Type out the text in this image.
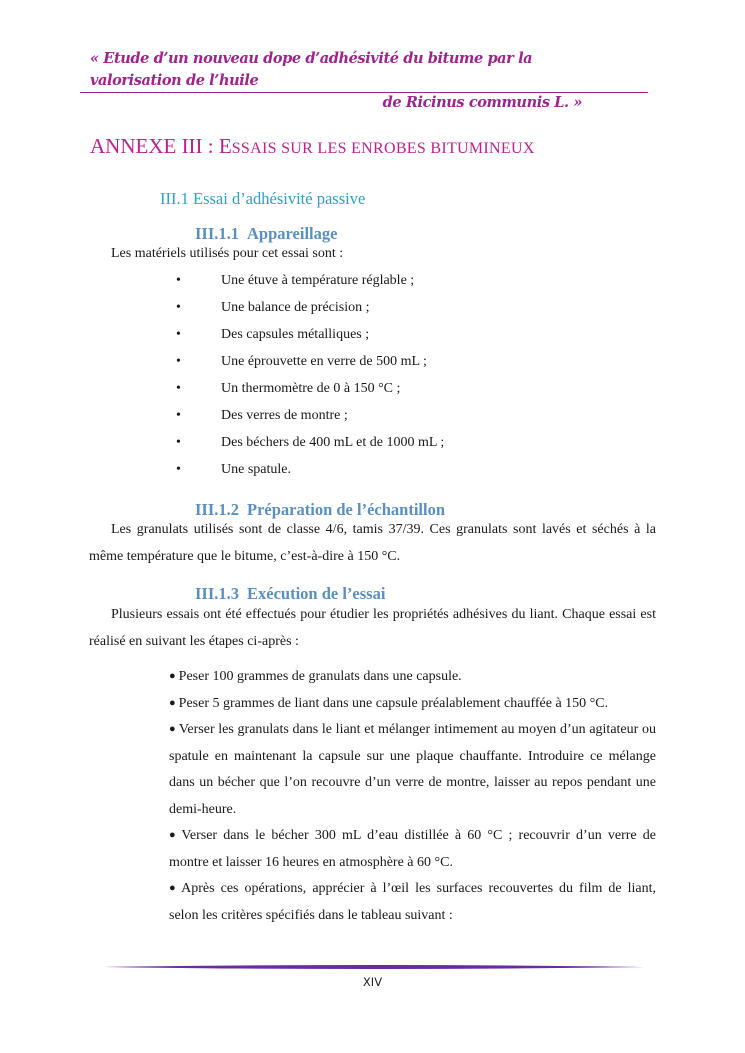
« Etude d’un nouveau dope d’adhésivité du bitume par la valorisation de l’huile
de Ricinus communis L. »
ANNEXE III : ESSAIS SUR LES ENROBES BITUMINEUX
III.1 Essai d’adhésivité passive
III.1.1 Appareillage
Les matériels utilisés pour cet essai sont :
•	Une étuve à température réglable ;
•	Une balance de précision ;
•	Des capsules métalliques ;
•	Une éprouvette en verre de 500 mL ;
•	Un thermomètre de 0 à 150 °C ;
•	Des verres de montre ;
•	Des béchers de 400 mL et de 1000 mL ;
•	Une spatule.
III.1.2 Préparation de l’échantillon
Les granulats utilisés sont de classe 4/6, tamis 37/39. Ces granulats sont lavés et séchés à la même température que le bitume, c’est-à-dire à 150 °C.
III.1.3 Exécution de l’essai
Plusieurs essais ont été effectués pour étudier les propriétés adhésives du liant. Chaque essai est réalisé en suivant les étapes ci-après :
● Peser 100 grammes de granulats dans une capsule.
● Peser 5 grammes de liant dans une capsule préalablement chauffée à 150 °C.
● Verser les granulats dans le liant et mélanger intimement au moyen d’un agitateur ou spatule en maintenant la capsule sur une plaque chauffante. Introduire ce mélange dans un bécher que l’on recouvre d’un verre de montre, laisser au repos pendant une demi-heure.
● Verser dans le bécher 300 mL d’eau distillée à 60 °C ; recouvrir d’un verre de montre et laisser 16 heures en atmosphère à 60 °C.
● Après ces opérations, apprécier à l’œil les surfaces recouvertes du film de liant, selon les critères spécifiés dans le tableau suivant :
XIV
